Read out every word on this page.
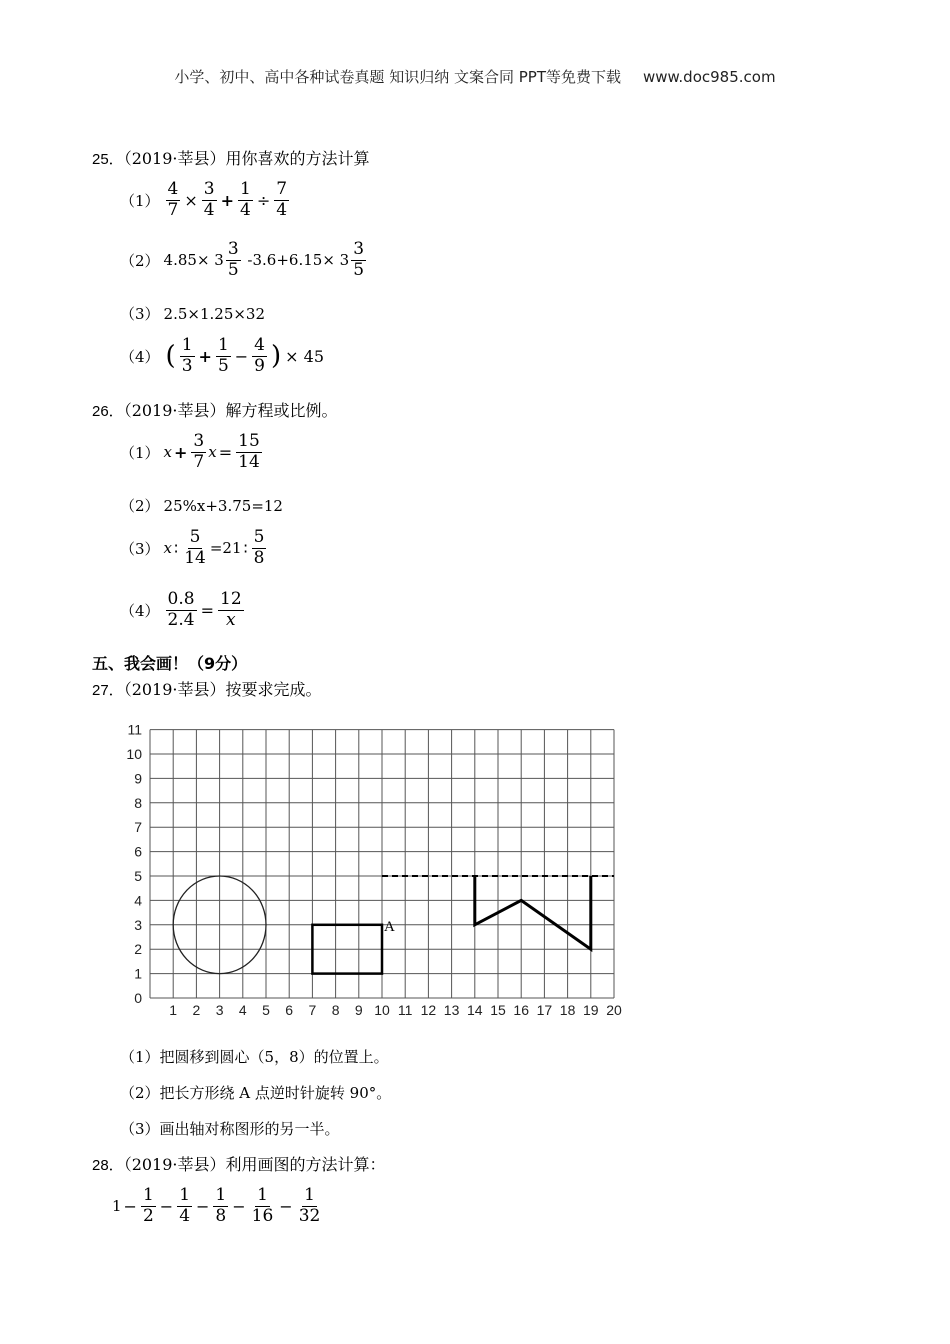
小学、初中、高中各种试卷真题 知识归纳 文案合同 PPT等免费下载 www.doc985.com
25．（2019·莘县）用你喜欢的方法计算
$(1) \frac{4}{7} \times \frac{3}{4} + \frac{1}{4} \div \frac{7}{4}$
（2） $4.85\times 3 \frac{3}{5} -3.6+6.15\times 3 \frac{3}{5}$
（3） 2.5×1.25×32
（4） ( $\frac{1}{3} + \frac{1}{5} - \frac{4}{9}$ ) × 45
26．（2019·莘县）解方程或比例。
（1） $x + \frac{3}{7}$ $x = \frac{15}{14}$
（2） 25%x+3.75=12
（3） x ∶ $\frac{5}{14} =21$ ∶ $\frac{5}{8}$
$(4) \frac{0.8}{2.4} = \frac{12}{x}$
五、我会画！（9分）
27．（2019·莘县）按要求完成。
1 2 3 4 5 6 7 8 9 10 11 12 13 14 15 16 17 18 19 20
0
1
2
3
4
5
6
7
8
9
10
11
A
（1）把圆移到圆心（5，8）的位置上。
（2）把长方形绕 A 点逆时针旋转 90°。
（3）画出轴对称图形的另一半。
28．（2019·莘县）利用画图的方法计算：
$1 - \frac{1}{2} - \frac{1}{4} - \frac{1}{8} - \frac{1}{16} - \frac{1}{32}$
